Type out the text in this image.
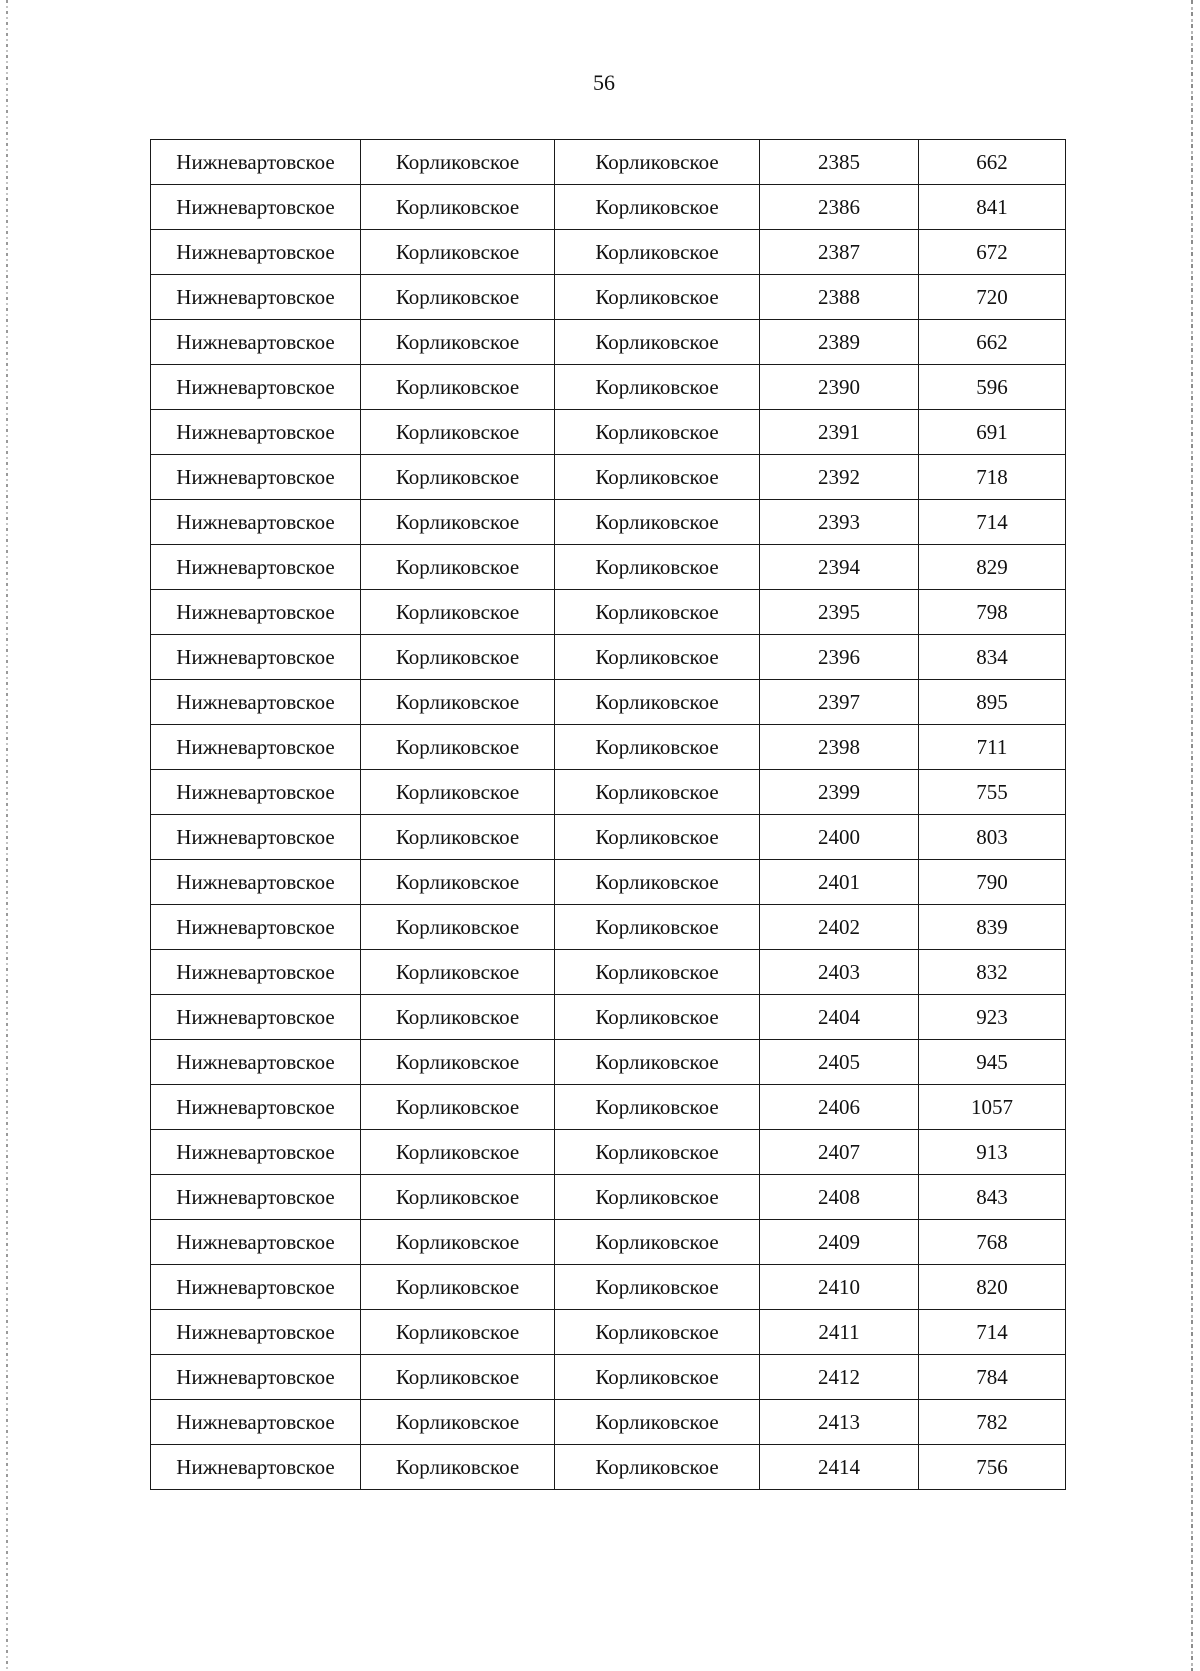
56
Нижневартовское	Корликовское	Корликовское	2385	662
Нижневартовское	Корликовское	Корликовское	2386	841
Нижневартовское	Корликовское	Корликовское	2387	672
Нижневартовское	Корликовское	Корликовское	2388	720
Нижневартовское	Корликовское	Корликовское	2389	662
Нижневартовское	Корликовское	Корликовское	2390	596
Нижневартовское	Корликовское	Корликовское	2391	691
Нижневартовское	Корликовское	Корликовское	2392	718
Нижневартовское	Корликовское	Корликовское	2393	714
Нижневартовское	Корликовское	Корликовское	2394	829
Нижневартовское	Корликовское	Корликовское	2395	798
Нижневартовское	Корликовское	Корликовское	2396	834
Нижневартовское	Корликовское	Корликовское	2397	895
Нижневартовское	Корликовское	Корликовское	2398	711
Нижневартовское	Корликовское	Корликовское	2399	755
Нижневартовское	Корликовское	Корликовское	2400	803
Нижневартовское	Корликовское	Корликовское	2401	790
Нижневартовское	Корликовское	Корликовское	2402	839
Нижневартовское	Корликовское	Корликовское	2403	832
Нижневартовское	Корликовское	Корликовское	2404	923
Нижневартовское	Корликовское	Корликовское	2405	945
Нижневартовское	Корликовское	Корликовское	2406	1057
Нижневартовское	Корликовское	Корликовское	2407	913
Нижневартовское	Корликовское	Корликовское	2408	843
Нижневартовское	Корликовское	Корликовское	2409	768
Нижневартовское	Корликовское	Корликовское	2410	820
Нижневартовское	Корликовское	Корликовское	2411	714
Нижневартовское	Корликовское	Корликовское	2412	784
Нижневартовское	Корликовское	Корликовское	2413	782
Нижневартовское	Корликовское	Корликовское	2414	756
